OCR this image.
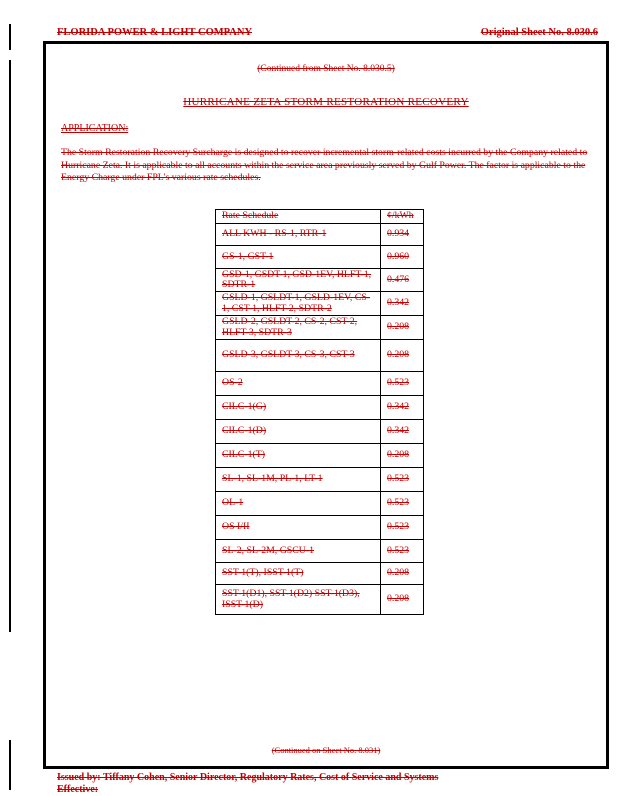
FLORIDA POWER & LIGHT COMPANY	Original Sheet No. 8.030.6
(Continued from Sheet No. 8.030.5)
HURRICANE ZETA STORM RESTORATION RECOVERY
APPLICATION:
The Storm Restoration Recovery Surcharge is designed to recover incremental storm-related costs incurred by the Company related to Hurricane Zeta. It is applicable to all accounts within the service area previously served by Gulf Power. The factor is applicable to the Energy Charge under FPL's various rate schedules.
Rate Schedule	¢/kWh
ALL KWH - RS-1, RTR-1	0.934
GS-1, GST-1	0.960
GSD-1, GSDT-1, GSD-1EV, HLFT-1, SDTR-1	0.476
GSLD-1, GSLDT-1, GSLD-1EV, CS-1, CST-1, HLFT-2, SDTR-2	0.342
GSLD-2, GSLDT-2, CS-2, CST-2, HLFT-3, SDTR-3	0.208
GSLD-3, GSLDT-3, CS-3, CST-3	0.208
OS-2	0.523
CILC-1(G)	0.342
CILC-1(D)	0.342
CILC-1(T)	0.208
SL-1, SL-1M, PL-1, LT-1	0.523
OL-1	0.523
OS I/II	0.523
SL-2, SL-2M, GSCU-1	0.523
SST-1(T), ISST-1(T)	0.208
SST-1(D1), SST-1(D2) SST-1(D3), ISST-1(D)	0.208
(Continued on Sheet No. 8.031)
Issued by: Tiffany Cohen, Senior Director, Regulatory Rates, Cost of Service and Systems
Effective:
